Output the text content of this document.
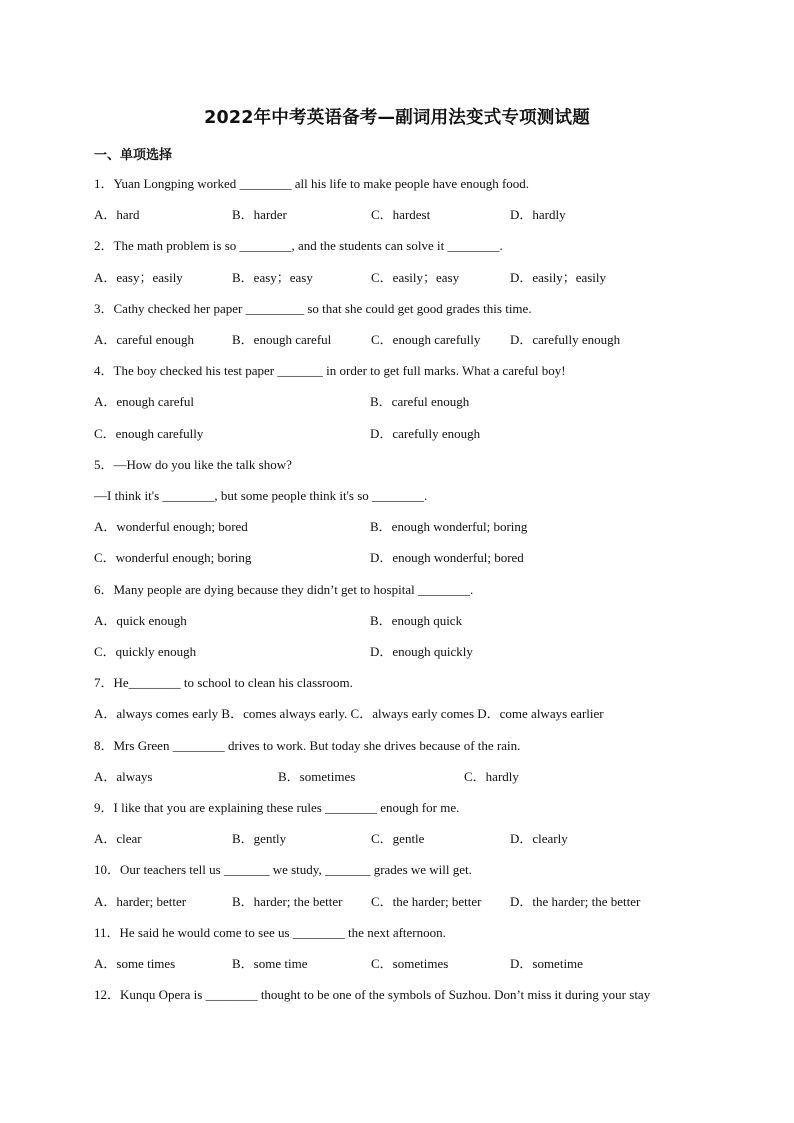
2022年中考英语备考—副词用法变式专项测试题
一、单项选择
1．Yuan Longping worked ________ all his life to make people have enough food.
A．hard	B．harder	C．hardest	D．hardly
2．The math problem is so ________, and the students can solve it ________.
A．easy；easily	B．easy；easy	C．easily；easy	D．easily；easily
3．Cathy checked her paper _________ so that she could get good grades this time.
A．careful enough	B．enough careful	C．enough carefully D．carefully enough
4．The boy checked his test paper _______ in order to get full marks. What a careful boy!
A．enough careful	B．careful enough
C．enough carefully	D．carefully enough
5．—How do you like the talk show?
—I think it's ________, but some people think it's so ________.
A．wonderful enough; bored	B．enough wonderful; boring
C．wonderful enough; boring	D．enough wonderful; bored
6．Many people are dying because they didn’t get to hospital ________.
A．quick enough	B．enough quick
C．quickly enough	D．enough quickly
7．He________ to school to clean his classroom.
A．always comes early B．comes always early. C．always early comes D．come always earlier
8．Mrs Green ________ drives to work. But today she drives because of the rain.
A．always	B．sometimes	C．hardly
9．I like that you are explaining these rules ________ enough for me.
A．clear	B．gently	C．gentle	D．clearly
10．Our teachers tell us _______ we study, _______ grades we will get.
A．harder; better	B．harder; the better C．the harder; better D．the harder; the better
11．He said he would come to see us ________ the next afternoon.
A．some times	B．some time	C．sometimes	D．sometime
12．Kunqu Opera is ________ thought to be one of the symbols of Suzhou. Don’t miss it during your stay
